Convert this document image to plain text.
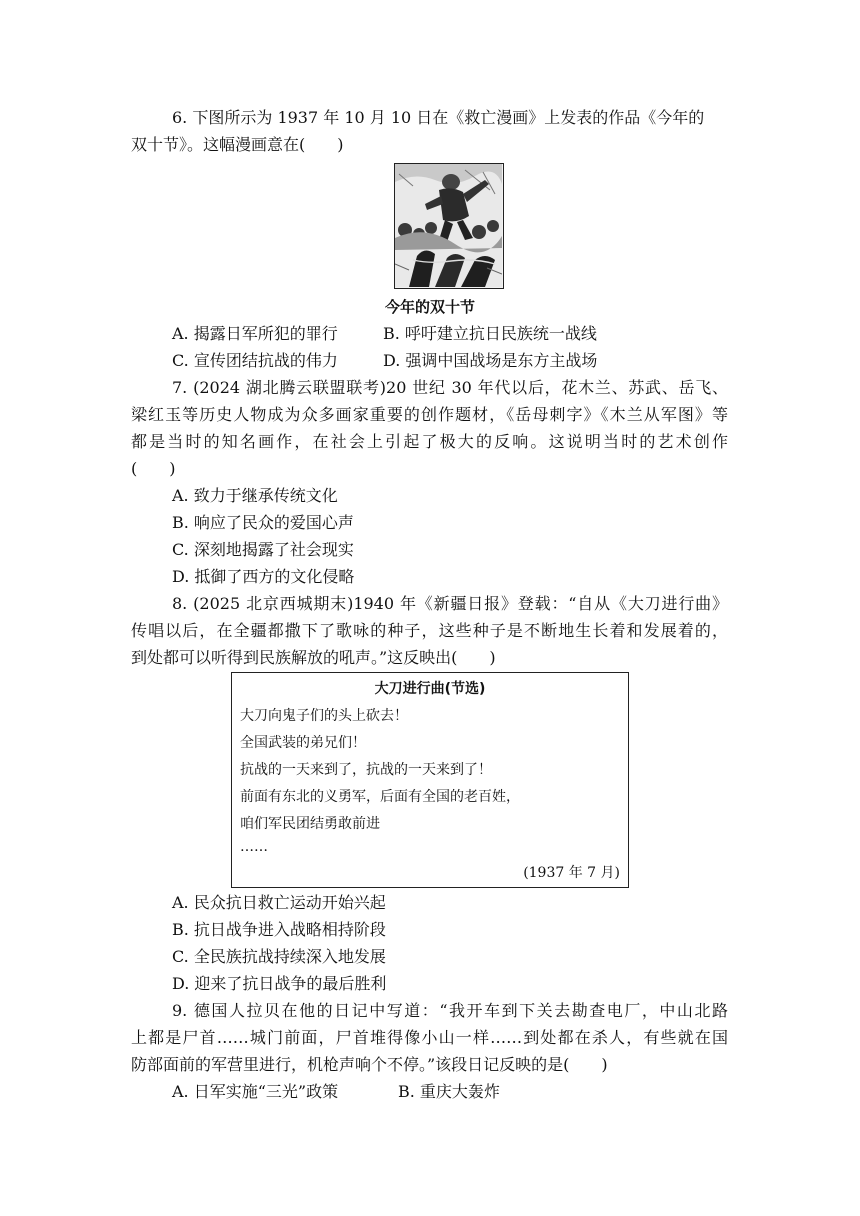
6. 下图所示为 1937 年 10 月 10 日在《救亡漫画》上发表的作品《今年的
双十节》。这幅漫画意在(　　)
今年的双十节
A. 揭露日军所犯的罪行	B. 呼吁建立抗日民族统一战线
C. 宣传团结抗战的伟力	D. 强调中国战场是东方主战场
7. (2024 湖北腾云联盟联考)20 世纪 30 年代以后，花木兰、苏武、岳飞、
梁红玉等历史人物成为众多画家重要的创作题材，《岳母刺字》《木兰从军图》等
都是当时的知名画作，在社会上引起了极大的反响。这说明当时的艺术创作
(　　)
A. 致力于继承传统文化
B. 响应了民众的爱国心声
C. 深刻地揭露了社会现实
D. 抵御了西方的文化侵略
8. (2025 北京西城期末)1940 年《新疆日报》登载：“自从《大刀进行曲》
传唱以后，在全疆都撒下了歌咏的种子，这些种子是不断地生长着和发展着的，
到处都可以听得到民族解放的吼声。”这反映出(　　)
大刀进行曲(节选)
大刀向鬼子们的头上砍去！
全国武装的弟兄们！
抗战的一天来到了，抗战的一天来到了！
前面有东北的义勇军，后面有全国的老百姓，
咱们军民团结勇敢前进
……
(1937 年 7 月)
A. 民众抗日救亡运动开始兴起
B. 抗日战争进入战略相持阶段
C. 全民族抗战持续深入地发展
D. 迎来了抗日战争的最后胜利
9. 德国人拉贝在他的日记中写道：“我开车到下关去勘查电厂，中山北路
上都是尸首……城门前面，尸首堆得像小山一样……到处都在杀人，有些就在国
防部面前的军营里进行，机枪声响个不停。”该段日记反映的是(　　)
A. 日军实施“三光”政策	B. 重庆大轰炸
